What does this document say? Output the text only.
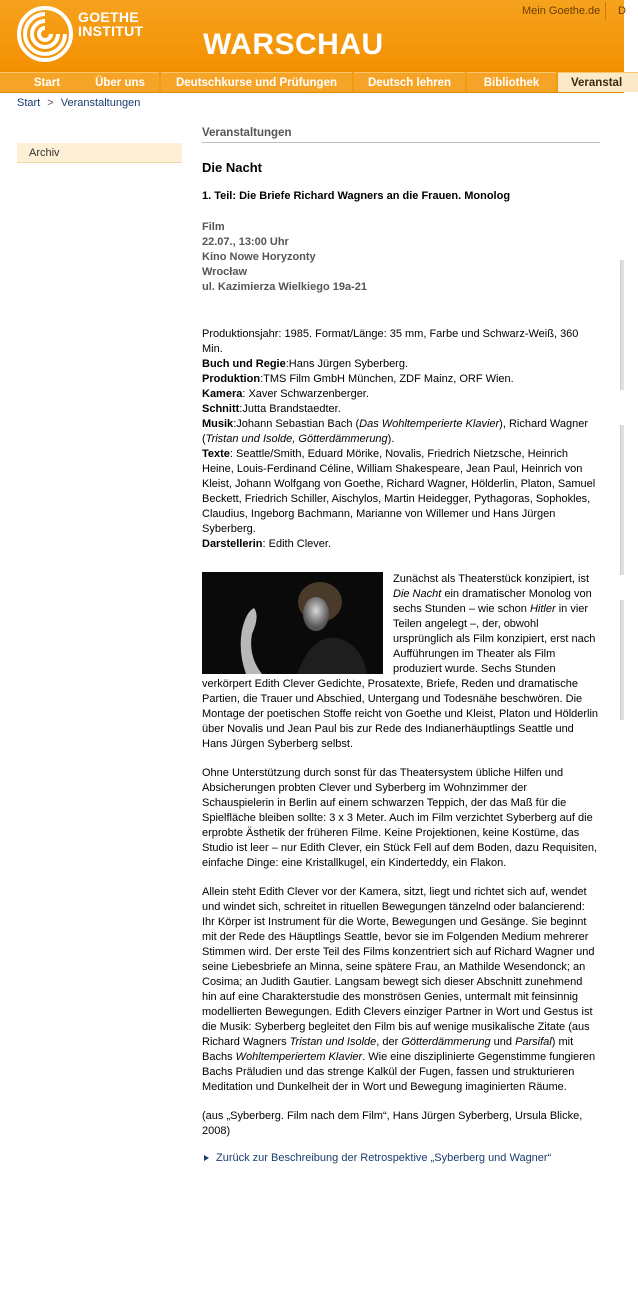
GOETHE
INSTITUT WARSCHAU
Mein Goethe.de D
Start	Über uns	Deutschkurse und Prüfungen	Deutsch lehren	Bibliothek	Veranstal
Start > Veranstaltungen
Archiv
Veranstaltungen
Die Nacht
1. Teil: Die Briefe Richard Wagners an die Frauen. Monolog
Film
22.07., 13:00 Uhr
Kino Nowe Horyzonty
Wrocław
ul. Kazimierza Wielkiego 19a-21
Produktionsjahr: 1985. Format/Länge: 35 mm, Farbe und Schwarz-Weiß, 360 Min.
Buch und Regie:Hans Jürgen Syberberg.
Produktion:TMS Film GmbH München, ZDF Mainz, ORF Wien.
Kamera: Xaver Schwarzenberger.
Schnitt:Jutta Brandstaedter.
Musik:Johann Sebastian Bach (Das Wohltemperierte Klavier), Richard Wagner (Tristan und Isolde, Götterdämmerung).
Texte: Seattle/Smith, Eduard Mörike, Novalis, Friedrich Nietzsche, Heinrich Heine, Louis-Ferdinand Céline, William Shakespeare, Jean Paul, Heinrich von Kleist, Johann Wolfgang von Goethe, Richard Wagner, Hölderlin, Platon, Samuel Beckett, Friedrich Schiller, Aischylos, Martin Heidegger, Pythagoras, Sophokles, Claudius, Ingeborg Bachmann, Marianne von Willemer und Hans Jürgen Syberberg.
Darstellerin: Edith Clever.
Zunächst als Theaterstück konzipiert, ist Die Nacht ein dramatischer Monolog von sechs Stunden – wie schon Hitler in vier Teilen angelegt –, der, obwohl ursprünglich als Film konzipiert, erst nach Aufführungen im Theater als Film produziert wurde. Sechs Stunden verkörpert Edith Clever Gedichte, Prosatexte, Briefe, Reden und dramatische Partien, die Trauer und Abschied, Untergang und Todesnähe beschwören. Die Montage der poetischen Stoffe reicht von Goethe und Kleist, Platon und Hölderlin über Novalis und Jean Paul bis zur Rede des Indianerhäuptlings Seattle und Hans Jürgen Syberberg selbst.
Ohne Unterstützung durch sonst für das Theatersystem übliche Hilfen und Absicherungen probten Clever und Syberberg im Wohnzimmer der Schauspielerin in Berlin auf einem schwarzen Teppich, der das Maß für die Spielfläche bleiben sollte: 3 x 3 Meter. Auch im Film verzichtet Syberberg auf die erprobte Ästhetik der früheren Filme. Keine Projektionen, keine Kostüme, das Studio ist leer – nur Edith Clever, ein Stück Fell auf dem Boden, dazu Requisiten, einfache Dinge: eine Kristallkugel, ein Kinderteddy, ein Flakon.
Allein steht Edith Clever vor der Kamera, sitzt, liegt und richtet sich auf, wendet und windet sich, schreitet in rituellen Bewegungen tänzelnd oder balancierend: Ihr Körper ist Instrument für die Worte, Bewegungen und Gesänge. Sie beginnt mit der Rede des Häuptlings Seattle, bevor sie im Folgenden Medium mehrerer Stimmen wird. Der erste Teil des Films konzentriert sich auf Richard Wagner und seine Liebesbriefe an Minna, seine spätere Frau, an Mathilde Wesendonck; an Cosima; an Judith Gautier. Langsam bewegt sich dieser Abschnitt zunehmend hin auf eine Charakterstudie des monströsen Genies, untermalt mit feinsinnig modellierten Bewegungen. Edith Clevers einziger Partner in Wort und Gestus ist die Musik: Syberberg begleitet den Film bis auf wenige musikalische Zitate (aus Richard Wagners Tristan und Isolde, der Götterdämmerung und Parsifal) mit Bachs Wohltemperiertem Klavier. Wie eine disziplinierte Gegenstimme fungieren Bachs Präludien und das strenge Kalkül der Fugen, fassen und strukturieren Meditation und Dunkelheit der in Wort und Bewegung imaginierten Räume.
(aus „Syberberg. Film nach dem Film“, Hans Jürgen Syberberg, Ursula Blicke, 2008)
Zurück zur Beschreibung der Retrospektive „Syberberg und Wagner“
